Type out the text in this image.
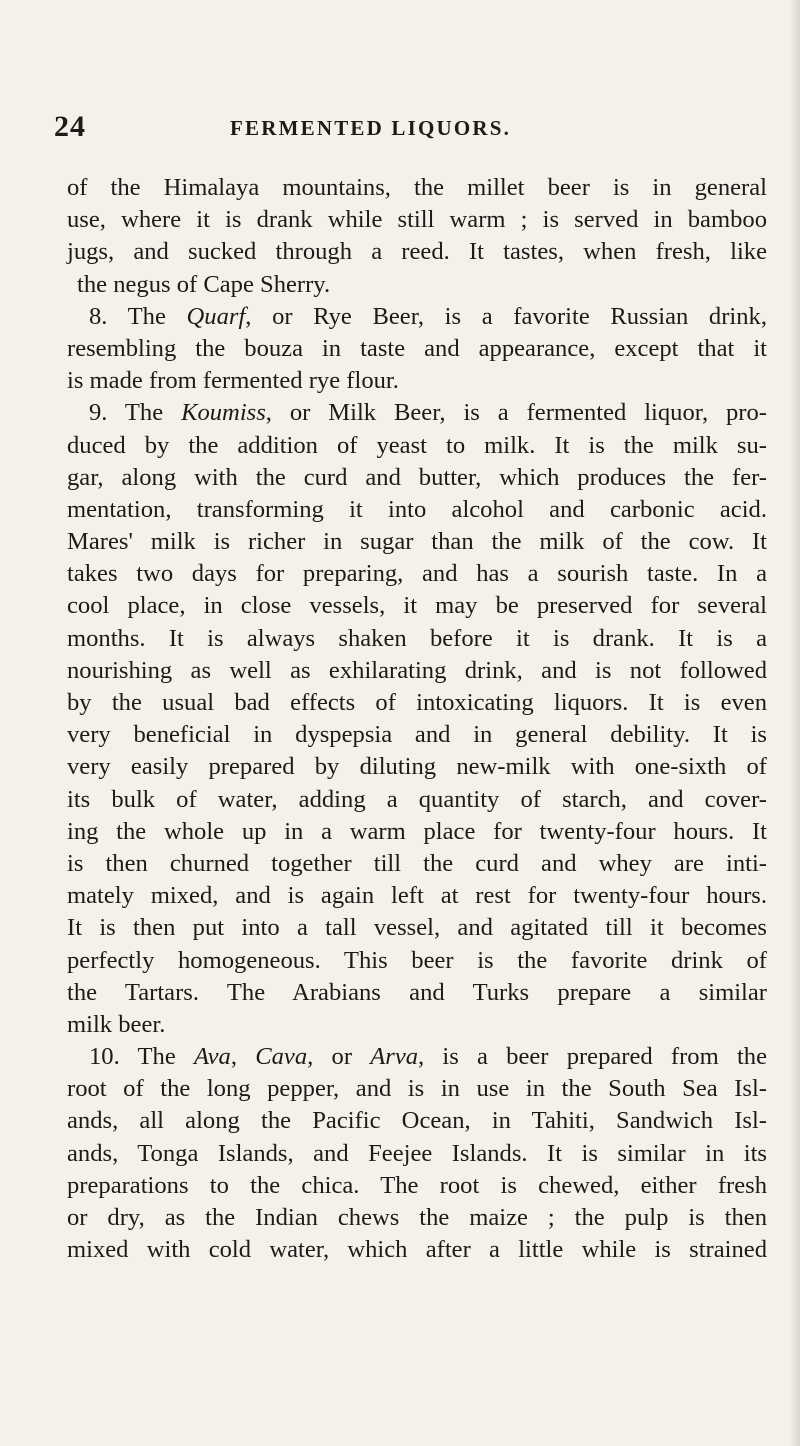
24	FERMENTED LIQUORS.
of the Himalaya mountains, the millet beer is in general
use, where it is drank while still warm ; is served in bamboo
jugs, and sucked through a reed. It tastes, when fresh, like
the negus of Cape Sherry.
8. The Quarf, or Rye Beer, is a favorite Russian drink,
resembling the bouza in taste and appearance, except that it
is made from fermented rye flour.
9. The Koumiss, or Milk Beer, is a fermented liquor, pro-
duced by the addition of yeast to milk. It is the milk su-
gar, along with the curd and butter, which produces the fer-
mentation, transforming it into alcohol and carbonic acid.
Mares' milk is richer in sugar than the milk of the cow. It
takes two days for preparing, and has a sourish taste. In a
cool place, in close vessels, it may be preserved for several
months. It is always shaken before it is drank. It is a
nourishing as well as exhilarating drink, and is not followed
by the usual bad effects of intoxicating liquors. It is even
very beneficial in dyspepsia and in general debility. It is
very easily prepared by diluting new-milk with one-sixth of
its bulk of water, adding a quantity of starch, and cover-
ing the whole up in a warm place for twenty-four hours. It
is then churned together till the curd and whey are inti-
mately mixed, and is again left at rest for twenty-four hours.
It is then put into a tall vessel, and agitated till it becomes
perfectly homogeneous. This beer is the favorite drink of
the Tartars. The Arabians and Turks prepare a similar
milk beer.
10. The Ava, Cava, or Arva, is a beer prepared from the
root of the long pepper, and is in use in the South Sea Isl-
ands, all along the Pacific Ocean, in Tahiti, Sandwich Isl-
ands, Tonga Islands, and Feejee Islands. It is similar in its
preparations to the chica. The root is chewed, either fresh
or dry, as the Indian chews the maize ; the pulp is then
mixed with cold water, which after a little while is strained
